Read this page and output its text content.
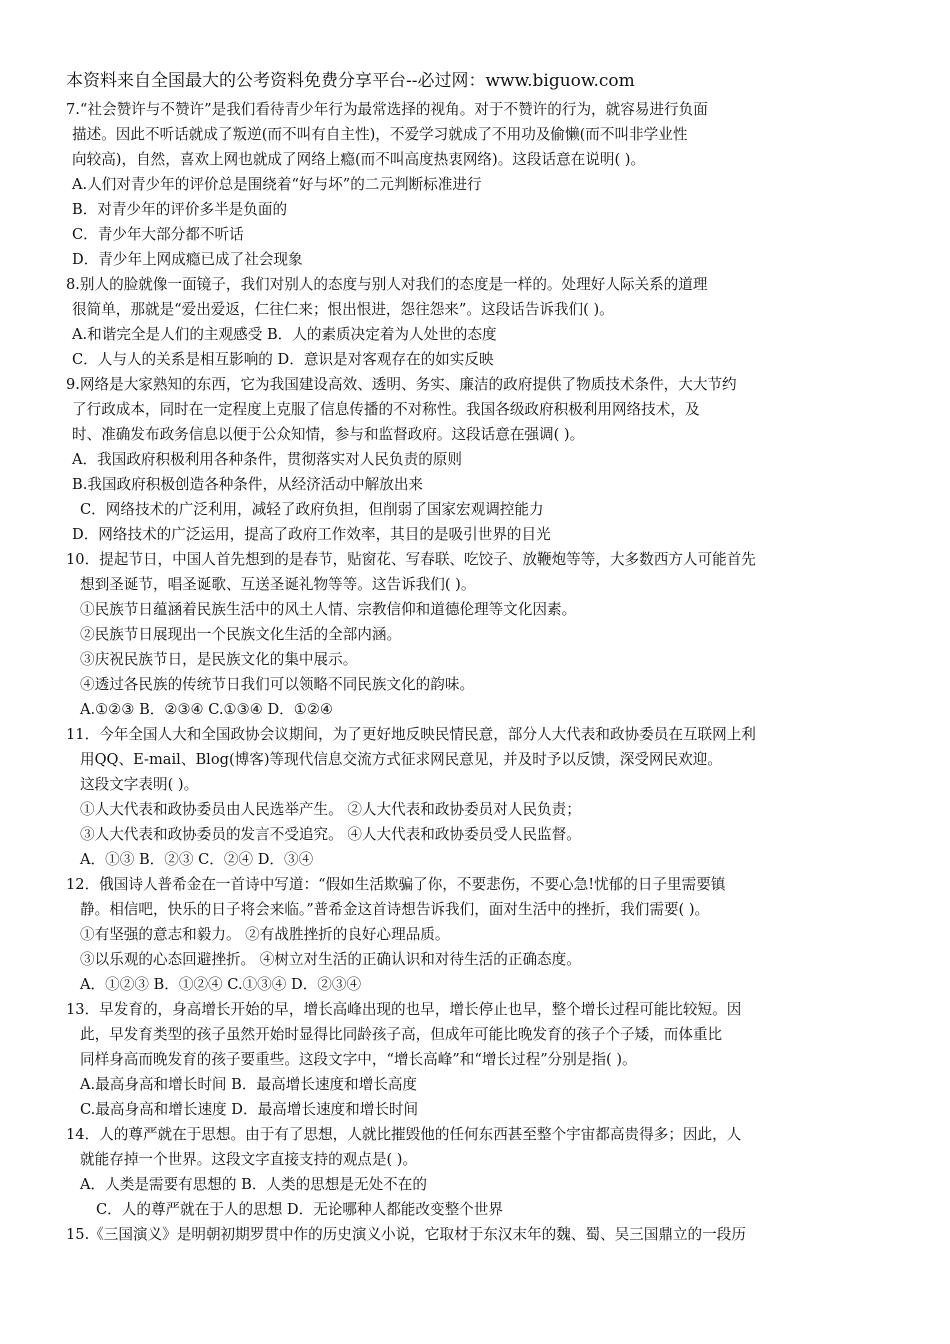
本资料来自全国最大的公考资料免费分享平台--必过网：www.biguow.com
7.“社会赞许与不赞许”是我们看待青少年行为最常选择的视角。对于不赞许的行为，就容易进行负面
描述。因此不听话就成了叛逆(而不叫有自主性)，不爱学习就成了不用功及偷懒(而不叫非学业性
向较高)，自然，喜欢上网也就成了网络上瘾(而不叫高度热衷网络)。这段话意在说明( )。
A.人们对青少年的评价总是围绕着“好与坏”的二元判断标准进行
B．对青少年的评价多半是负面的
C．青少年大部分都不听话
D．青少年上网成瘾已成了社会现象
8.别人的脸就像一面镜子，我们对别人的态度与别人对我们的态度是一样的。处理好人际关系的道理
很简单，那就是“爱出爱返，仁往仁来；恨出恨进，怨往怨来”。这段话告诉我们( )。
A.和谐完全是人们的主观感受 B．人的素质决定着为人处世的态度
C．人与人的关系是相互影响的 D．意识是对客观存在的如实反映
9.网络是大家熟知的东西，它为我国建设高效、透明、务实、廉洁的政府提供了物质技术条件，大大节约
了行政成本，同时在一定程度上克服了信息传播的不对称性。我国各级政府积极利用网络技术，及
时、准确发布政务信息以便于公众知情，参与和监督政府。这段话意在强调( )。
A．我国政府积极利用各种条件，贯彻落实对人民负责的原则
B.我国政府积极创造各种条件，从经济活动中解放出来
C．网络技术的广泛利用，减轻了政府负担，但削弱了国家宏观调控能力
D．网络技术的广泛运用，提高了政府工作效率，其目的是吸引世界的目光
10．提起节日，中国人首先想到的是春节，贴窗花、写春联、吃饺子、放鞭炮等等，大多数西方人可能首先
想到圣诞节，唱圣诞歌、互送圣诞礼物等等。这告诉我们( )。
①民族节日蕴涵着民族生活中的风土人情、宗教信仰和道德伦理等文化因素。
②民族节日展现出一个民族文化生活的全部内涵。
③庆祝民族节日，是民族文化的集中展示。
④透过各民族的传统节日我们可以领略不同民族文化的韵味。
A.①②③ B．②③④ C.①③④ D．①②④
11．今年全国人大和全国政协会议期间，为了更好地反映民情民意，部分人大代表和政协委员在互联网上利
用QQ、E-mail、Blog(博客)等现代信息交流方式征求网民意见，并及时予以反馈，深受网民欢迎。
这段文字表明( )。
①人大代表和政协委员由人民选举产生。 ②人大代表和政协委员对人民负责；
③人大代表和政协委员的发言不受追究。 ④人大代表和政协委员受人民监督。
A．①③ B．②③ C．②④ D．③④
12．俄国诗人普希金在一首诗中写道：“假如生活欺骗了你，不要悲伤，不要心急!忧郁的日子里需要镇
静。相信吧，快乐的日子将会来临。”普希金这首诗想告诉我们，面对生活中的挫折，我们需要( )。
①有坚强的意志和毅力。 ②有战胜挫折的良好心理品质。
③以乐观的心态回避挫折。 ④树立对生活的正确认识和对待生活的正确态度。
A．①②③ B．①②④ C.①③④ D．②③④
13．早发育的，身高增长开始的早，增长高峰出现的也早，增长停止也早，整个增长过程可能比较短。因
此，早发育类型的孩子虽然开始时显得比同龄孩子高，但成年可能比晚发育的孩子个子矮，而体重比
同样身高而晚发育的孩子要重些。这段文字中，“增长高峰”和“增长过程”分别是指( )。
A.最高身高和增长时间 B．最高增长速度和增长高度
C.最高身高和增长速度 D．最高增长速度和增长时间
14．人的尊严就在于思想。由于有了思想，人就比摧毁他的任何东西甚至整个宇宙都高贵得多；因此，人
就能存掉一个世界。这段文字直接支持的观点是( )。
A．人类是需要有思想的 B．人类的思想是无处不在的
C．人的尊严就在于人的思想 D．无论哪种人都能改变整个世界
15.《三国演义》是明朝初期罗贯中作的历史演义小说，它取材于东汉末年的魏、蜀、吴三国鼎立的一段历
